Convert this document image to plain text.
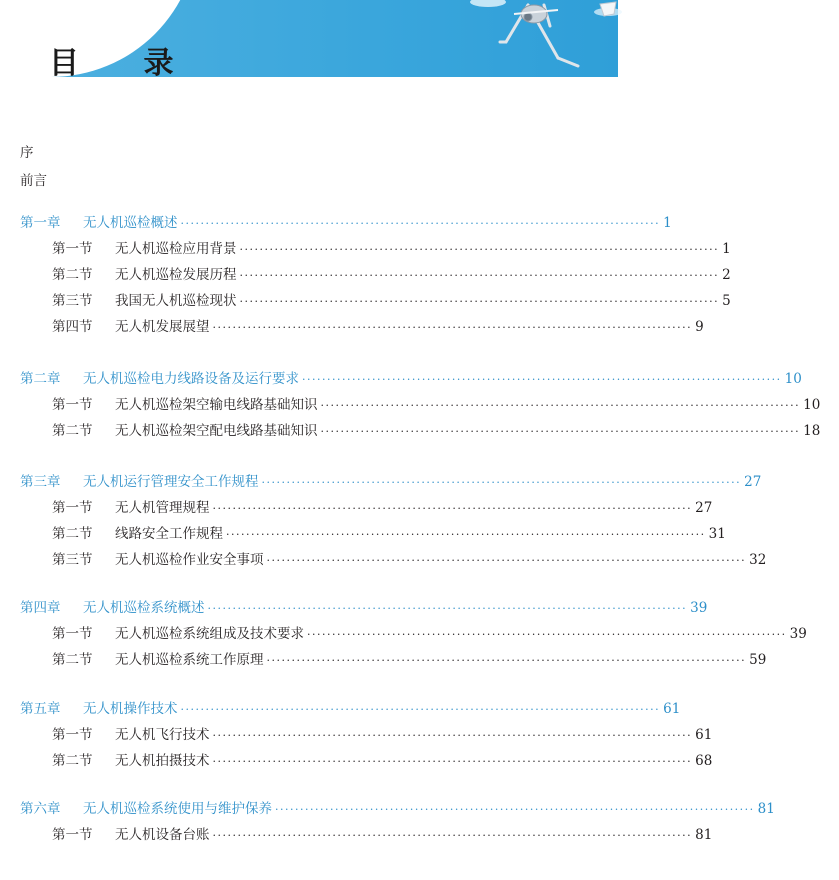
目 录
序
前言
第一章 无人机巡检概述 ································································································ 1
第一节 无人机巡检应用背景 ································································································ 1
第二节 无人机巡检发展历程 ································································································ 2
第三节 我国无人机巡检现状 ································································································ 5
第四节 无人机发展展望 ································································································ 9
第二章 无人机巡检电力线路设备及运行要求 ································································································ 10
第一节 无人机巡检架空输电线路基础知识 ································································································ 10
第二节 无人机巡检架空配电线路基础知识 ································································································ 18
第三章 无人机运行管理安全工作规程 ································································································ 27
第一节 无人机管理规程 ································································································ 27
第二节 线路安全工作规程 ································································································ 31
第三节 无人机巡检作业安全事项 ································································································ 32
第四章 无人机巡检系统概述 ································································································ 39
第一节 无人机巡检系统组成及技术要求 ································································································ 39
第二节 无人机巡检系统工作原理 ································································································ 59
第五章 无人机操作技术 ································································································ 61
第一节 无人机飞行技术 ································································································ 61
第二节 无人机拍摄技术 ································································································ 68
第六章 无人机巡检系统使用与维护保养 ································································································ 81
第一节 无人机设备台账 ································································································ 81
